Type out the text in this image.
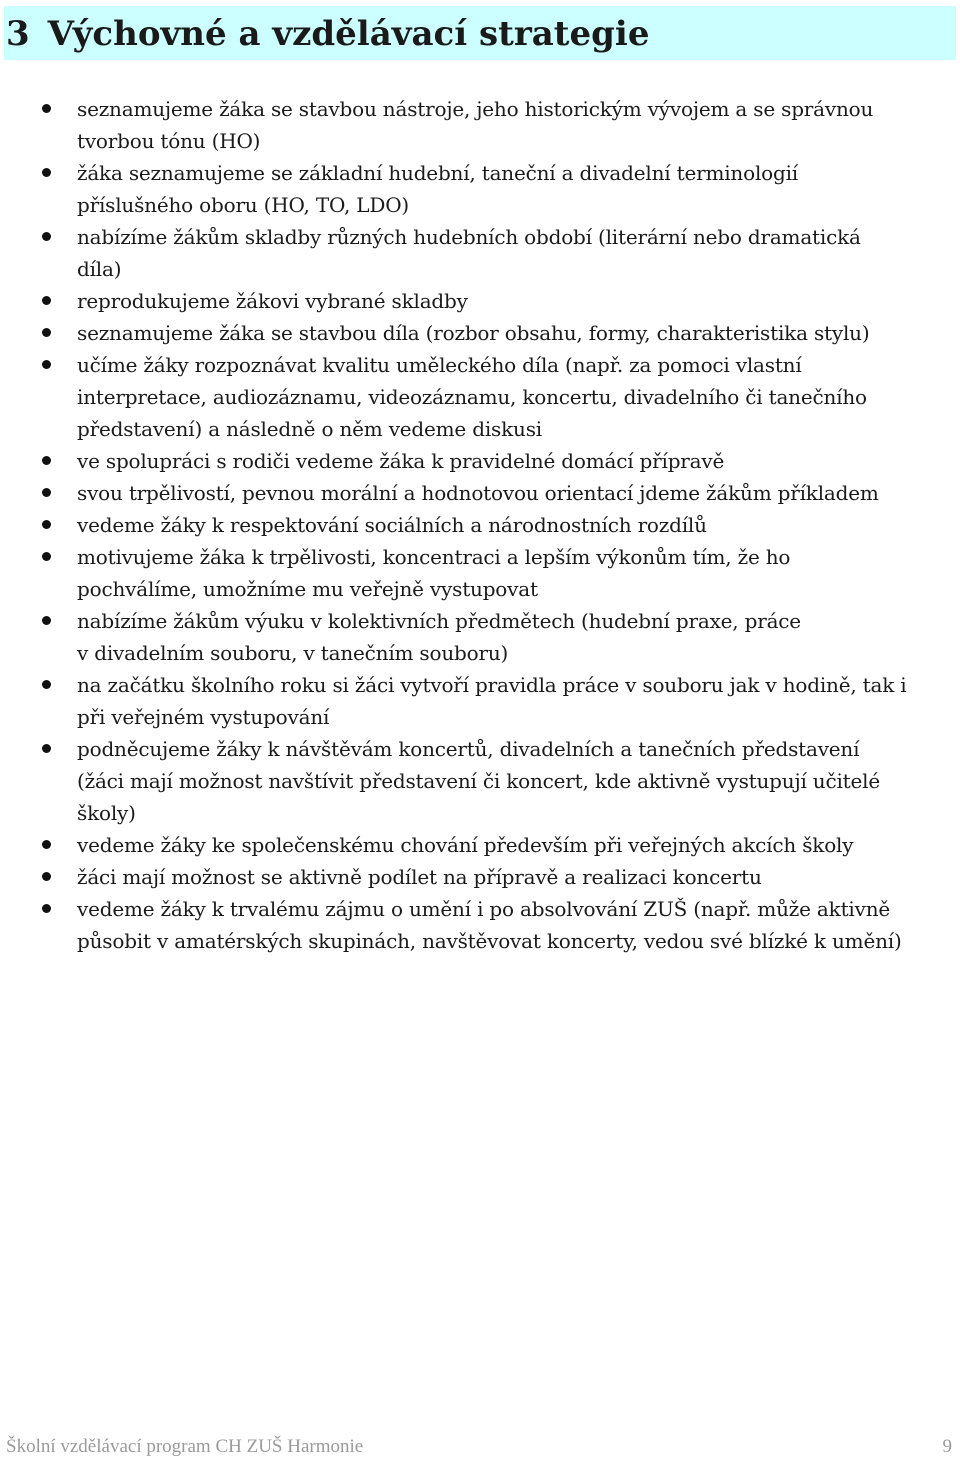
3 Výchovné a vzdělávací strategie
seznamujeme žáka se stavbou nástroje, jeho historickým vývojem a se správnou
tvorbou tónu (HO)
žáka seznamujeme se základní hudební, taneční a divadelní terminologií
příslušného oboru (HO, TO, LDO)
nabízíme žákům skladby různých hudebních období (literární nebo dramatická
díla)
reprodukujeme žákovi vybrané skladby
seznamujeme žáka se stavbou díla (rozbor obsahu, formy, charakteristika stylu)
učíme žáky rozpoznávat kvalitu uměleckého díla (např. za pomoci vlastní
interpretace, audiozáznamu, videozáznamu, koncertu, divadelního či tanečního
představení) a následně o něm vedeme diskusi
ve spolupráci s rodiči vedeme žáka k pravidelné domácí přípravě
svou trpělivostí, pevnou morální a hodnotovou orientací jdeme žákům příkladem
vedeme žáky k respektování sociálních a národnostních rozdílů
motivujeme žáka k trpělivosti, koncentraci a lepším výkonům tím, že ho
pochválíme, umožníme mu veřejně vystupovat
nabízíme žákům výuku v kolektivních předmětech (hudební praxe, práce
v divadelním souboru, v tanečním souboru)
na začátku školního roku si žáci vytvoří pravidla práce v souboru jak v hodině, tak i
při veřejném vystupování
podněcujeme žáky k návštěvám koncertů, divadelních a tanečních představení
(žáci mají možnost navštívit představení či koncert, kde aktivně vystupují učitelé
školy)
vedeme žáky ke společenskému chování především při veřejných akcích školy
žáci mají možnost se aktivně podílet na přípravě a realizaci koncertu
vedeme žáky k trvalému zájmu o umění i po absolvování ZUŠ (např. může aktivně
působit v amatérských skupinách, navštěvovat koncerty, vedou své blízké k umění)
Školní vzdělávací program CH ZUŠ Harmonie	9
